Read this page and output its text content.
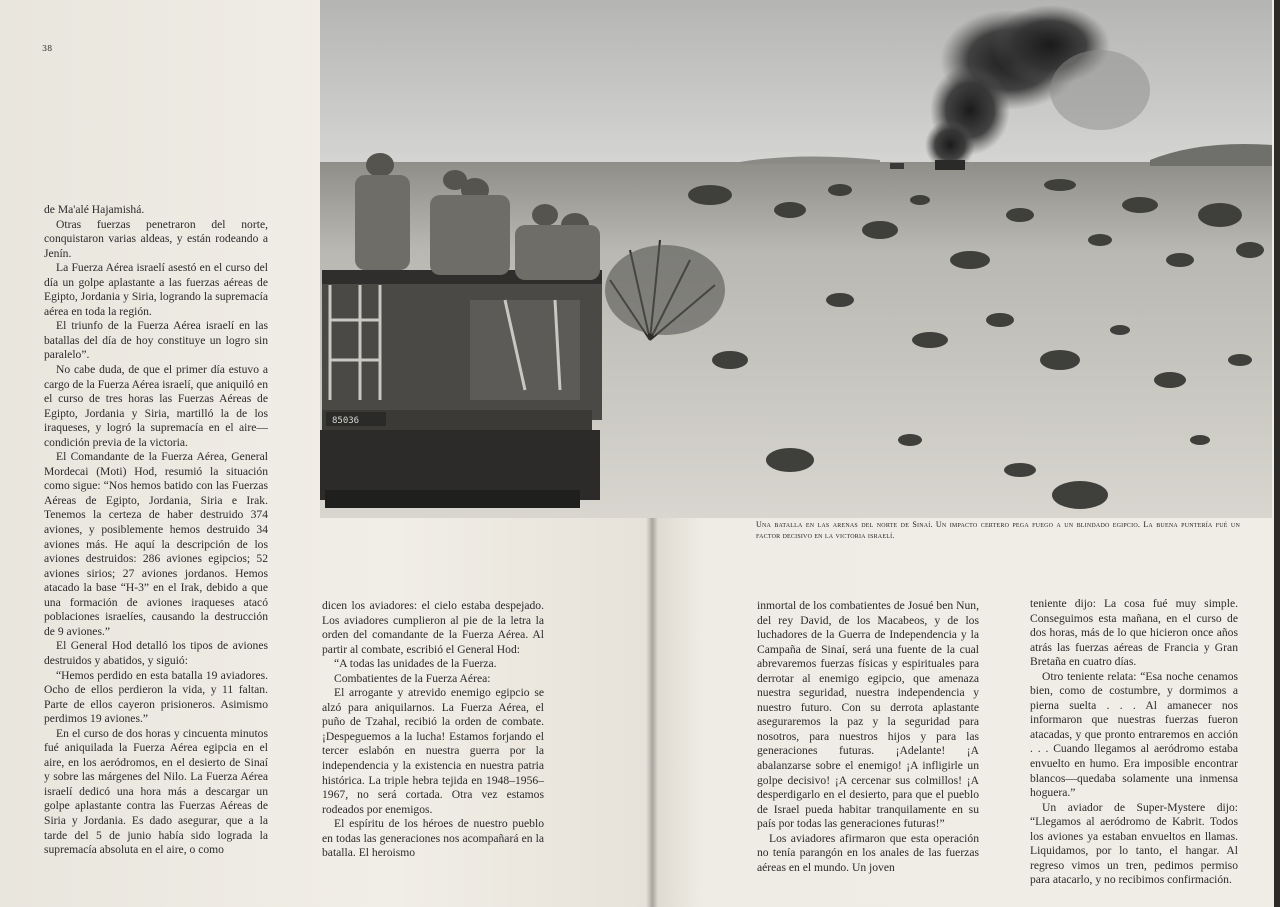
38
85036
Una batalla en las arenas del norte de Sinaí. Un impacto certero pega fuego a un blindado egipcio. La buena puntería fué un factor decisivo en la victoria israelí.

de Ma'alé Hajamishá.

Otras fuerzas penetraron del norte, conquistaron varias aldeas, y están rodeando a Jenín.

La Fuerza Aérea israelí asestó en el curso del día un golpe aplastante a las fuerzas aéreas de Egipto, Jordania y Siria, logrando la supremacía aérea en toda la región.

El triunfo de la Fuerza Aérea israelí en las batallas del día de hoy constituye un logro sin paralelo”.

No cabe duda, de que el primer día estuvo a cargo de la Fuerza Aérea israelí, que aniquiló en el curso de tres horas las Fuerzas Aéreas de Egipto, Jordania y Siria, martilló la de los iraqueses, y logró la supremacía en el aire—condición previa de la victoria.

El Comandante de la Fuerza Aérea, General Mordecai (Moti) Hod, resumió la situación como sigue: “Nos hemos batido con las Fuerzas Aéreas de Egipto, Jordania, Siria e Irak. Tenemos la certeza de haber destruido 374 aviones, y posiblemente hemos destruido 34 aviones más. He aquí la descripción de los aviones destruidos: 286 aviones egipcios; 52 aviones sirios; 27 aviones jordanos. Hemos atacado la base “H-3” en el Irak, debido a que una formación de aviones iraqueses atacó poblaciones israelíes, causando la destrucción de 9 aviones.”

El General Hod detalló los tipos de aviones destruidos y abatidos, y siguió:

“Hemos perdido en esta batalla 19 aviadores. Ocho de ellos perdieron la vida, y 11 faltan. Parte de ellos cayeron prisioneros. Asimismo perdimos 19 aviones.”

En el curso de dos horas y cincuenta minutos fué aniquilada la Fuerza Aérea egipcia en el aire, en los aeródromos, en el desierto de Sinaí y sobre las márgenes del Nilo. La Fuerza Aérea israelí dedicó una hora más a descargar un golpe aplastante contra las Fuerzas Aéreas de Siria y Jordania. Es dado asegurar, que a la tarde del 5 de junio había sido lograda la supremacía absoluta en el aire, o como

dicen los aviadores: el cielo estaba despejado. Los aviadores cumplieron al pie de la letra la orden del comandante de la Fuerza Aérea. Al partir al combate, escribió el General Hod:

“A todas las unidades de la Fuerza.

Combatientes de la Fuerza Aérea:

El arrogante y atrevido enemigo egipcio se alzó para aniquilarnos. La Fuerza Aérea, el puño de Tzahal, recibió la orden de combate. ¡Despeguemos a la lucha! Estamos forjando el tercer eslabón en nuestra guerra por la independencia y la existencia en nuestra patria histórica. La triple hebra tejida en 1948–1956–1967, no será cortada. Otra vez estamos rodeados por enemigos.

El espíritu de los héroes de nuestro pueblo en todas las generaciones nos acompañará en la batalla. El heroismo

inmortal de los combatientes de Josué ben Nun, del rey David, de los Macabeos, y de los luchadores de la Guerra de Independencia y la Campaña de Sinaí, será una fuente de la cual abrevaremos fuerzas físicas y espirituales para derrotar al enemigo egipcio, que amenaza nuestra seguridad, nuestra independencia y nuestro futuro. Con su derrota aplastante aseguraremos la paz y la seguridad para nosotros, para nuestros hijos y para las generaciones futuras. ¡Adelante! ¡A abalanzarse sobre el enemigo! ¡A infligirle un golpe decisivo! ¡A cercenar sus colmillos! ¡A desperdigarlo en el desierto, para que el pueblo de Israel pueda habitar tranquilamente en su país por todas las generaciones futuras!”

Los aviadores afirmaron que esta operación no tenía parangón en los anales de las fuerzas aéreas en el mundo. Un joven

teniente dijo: La cosa fué muy simple. Conseguimos esta mañana, en el curso de dos horas, más de lo que hicieron once años atrás las fuerzas aéreas de Francia y Gran Bretaña en cuatro días.

Otro teniente relata: “Esa noche cenamos bien, como de costumbre, y dormimos a pierna suelta . . . Al amanecer nos informaron que nuestras fuerzas fueron atacadas, y que pronto entraremos en acción . . . Cuando llegamos al aeródromo estaba envuelto en humo. Era imposible encontrar blancos—quedaba solamente una inmensa hoguera.”

Un aviador de Super-Mystere dijo: “Llegamos al aeródromo de Kabrit. Todos los aviones ya estaban envueltos en llamas. Liquidamos, por lo tanto, el hangar. Al regreso vimos un tren, pedimos permiso para atacarlo, y no recibimos confirmación.
